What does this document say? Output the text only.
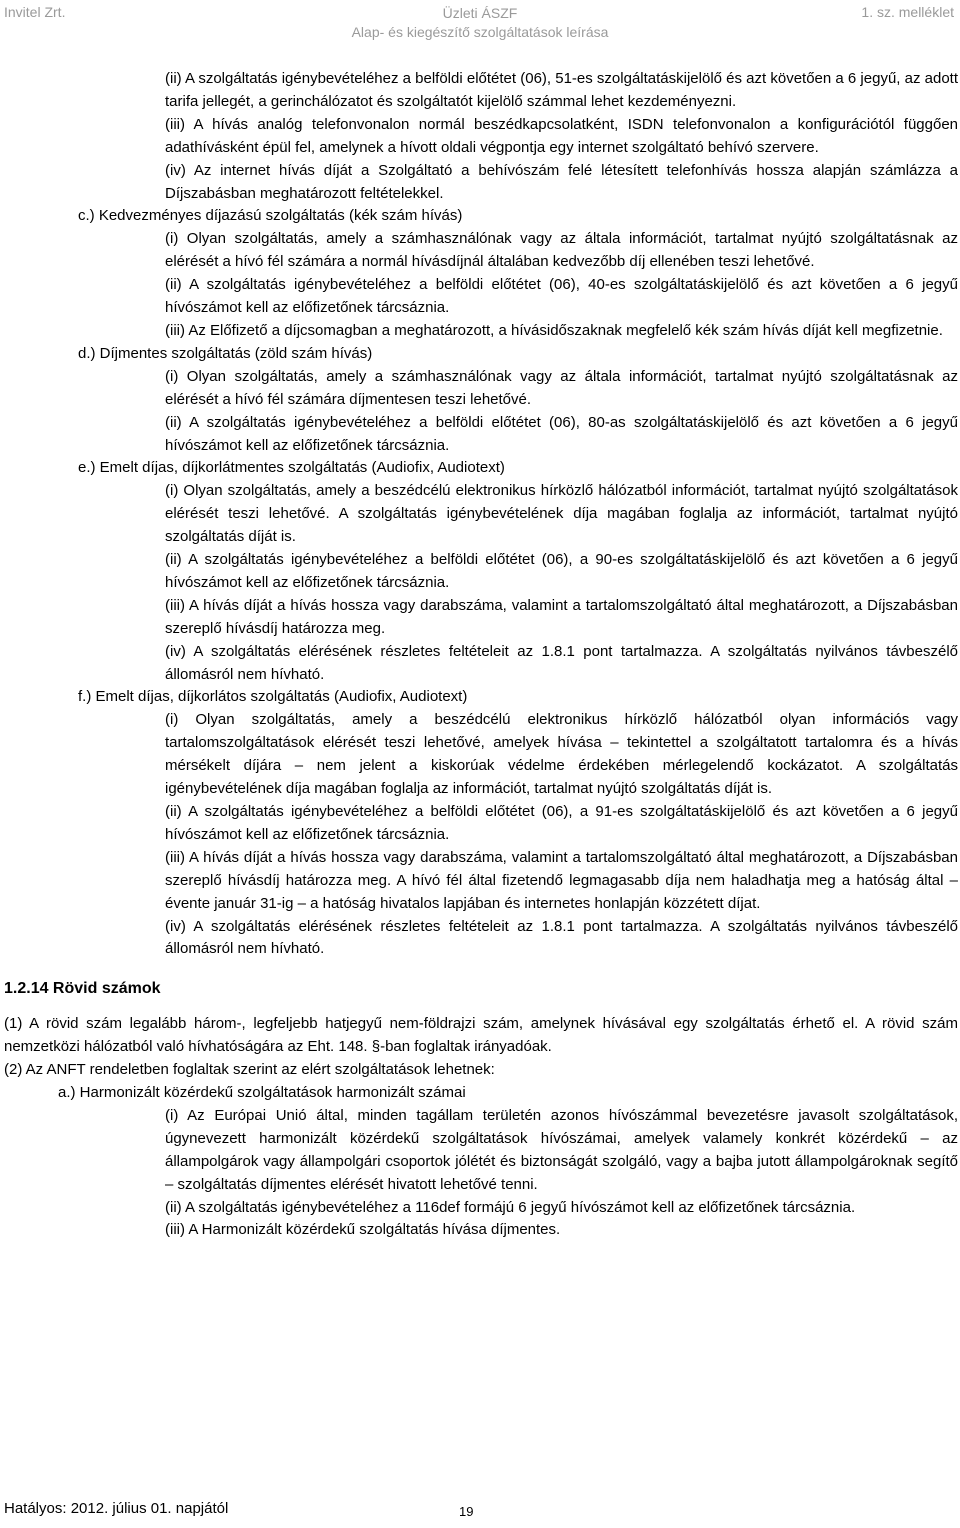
Invitel Zrt.	Üzleti ÁSZF
Alap- és kiegészítő szolgáltatások leírása
1. sz. melléklet
(ii) A szolgáltatás igénybevételéhez a belföldi előtétet (06), 51-es szolgáltatáskijelölő és azt követően a 6 jegyű, az adott tarifa jellegét, a gerinchálózatot és szolgáltatót kijelölő számmal lehet kezdeményezni.
(iii) A hívás analóg telefonvonalon normál beszédkapcsolatként, ISDN telefonvonalon a konfigurációtól függően adathívásként épül fel, amelynek a hívott oldali végpontja egy internet szolgáltató behívó szervere.
(iv) Az internet hívás díját a Szolgáltató a behívószám felé létesített telefonhívás hossza alapján számlázza a Díjszabásban meghatározott feltételekkel.
c.) Kedvezményes díjazású szolgáltatás (kék szám hívás)
(i) Olyan szolgáltatás, amely a számhasználónak vagy az általa információt, tartalmat nyújtó szolgáltatásnak az elérését a hívó fél számára a normál hívásdíjnál általában kedvezőbb díj ellenében teszi lehetővé.
(ii) A szolgáltatás igénybevételéhez a belföldi előtétet (06), 40-es szolgáltatáskijelölő és azt követően a 6 jegyű hívószámot kell az előfizetőnek tárcsáznia.
(iii) Az Előfizető a díjcsomagban a meghatározott, a hívásidőszaknak megfelelő kék szám hívás díját kell megfizetnie.
d.) Díjmentes szolgáltatás (zöld szám hívás)
(i) Olyan szolgáltatás, amely a számhasználónak vagy az általa információt, tartalmat nyújtó szolgáltatásnak az elérését a hívó fél számára díjmentesen teszi lehetővé.
(ii) A szolgáltatás igénybevételéhez a belföldi előtétet (06), 80-as szolgáltatáskijelölő és azt követően a 6 jegyű hívószámot kell az előfizetőnek tárcsáznia.
e.) Emelt díjas, díjkorlátmentes szolgáltatás (Audiofix, Audiotext)
(i) Olyan szolgáltatás, amely a beszédcélú elektronikus hírközlő hálózatból információt, tartalmat nyújtó szolgáltatások elérését teszi lehetővé. A szolgáltatás igénybevételének díja magában foglalja az információt, tartalmat nyújtó szolgáltatás díját is.
(ii) A szolgáltatás igénybevételéhez a belföldi előtétet (06), a 90-es szolgáltatáskijelölő és azt követően a 6 jegyű hívószámot kell az előfizetőnek tárcsáznia.
(iii) A hívás díját a hívás hossza vagy darabszáma, valamint a tartalomszolgáltató által meghatározott, a Díjszabásban szereplő hívásdíj határozza meg.
(iv) A szolgáltatás elérésének részletes feltételeit az 1.8.1 pont tartalmazza. A szolgáltatás nyilvános távbeszélő állomásról nem hívható.
f.) Emelt díjas, díjkorlátos szolgáltatás (Audiofix, Audiotext)
(i) Olyan szolgáltatás, amely a beszédcélú elektronikus hírközlő hálózatból olyan információs vagy tartalomszolgáltatások elérését teszi lehetővé, amelyek hívása – tekintettel a szolgáltatott tartalomra és a hívás mérsékelt díjára – nem jelent a kiskorúak védelme érdekében mérlegelendő kockázatot. A szolgáltatás igénybevételének díja magában foglalja az információt, tartalmat nyújtó szolgáltatás díját is.
(ii) A szolgáltatás igénybevételéhez a belföldi előtétet (06), a 91-es szolgáltatáskijelölő és azt követően a 6 jegyű hívószámot kell az előfizetőnek tárcsáznia.
(iii) A hívás díját a hívás hossza vagy darabszáma, valamint a tartalomszolgáltató által meghatározott, a Díjszabásban szereplő hívásdíj határozza meg. A hívó fél által fizetendő legmagasabb díja nem haladhatja meg a hatóság által – évente január 31-ig – a hatóság hivatalos lapjában és internetes honlapján közzétett díjat.
(iv) A szolgáltatás elérésének részletes feltételeit az 1.8.1 pont tartalmazza. A szolgáltatás nyilvános távbeszélő állomásról nem hívható.
1.2.14 Rövid számok
(1) A rövid szám legalább három-, legfeljebb hatjegyű nem-földrajzi szám, amelynek hívásával egy szolgáltatás érhető el. A rövid szám nemzetközi hálózatból való hívhatóságára az Eht. 148. §-ban foglaltak irányadóak.
(2) Az ANFT rendeletben foglaltak szerint az elért szolgáltatások lehetnek:
a.) Harmonizált közérdekű szolgáltatások harmonizált számai
(i) Az Európai Unió által, minden tagállam területén azonos hívószámmal bevezetésre javasolt szolgáltatások, úgynevezett harmonizált közérdekű szolgáltatások hívószámai, amelyek valamely konkrét közérdekű – az állampolgárok vagy állampolgári csoportok jólétét és biztonságát szolgáló, vagy a bajba jutott állampolgároknak segítő – szolgáltatás díjmentes elérését hivatott lehetővé tenni.
(ii) A szolgáltatás igénybevételéhez a 116def formájú 6 jegyű hívószámot kell az előfizetőnek tárcsáznia.
(iii) A Harmonizált közérdekű szolgáltatás hívása díjmentes.
Hatályos: 2012. július 01. napjától	19
